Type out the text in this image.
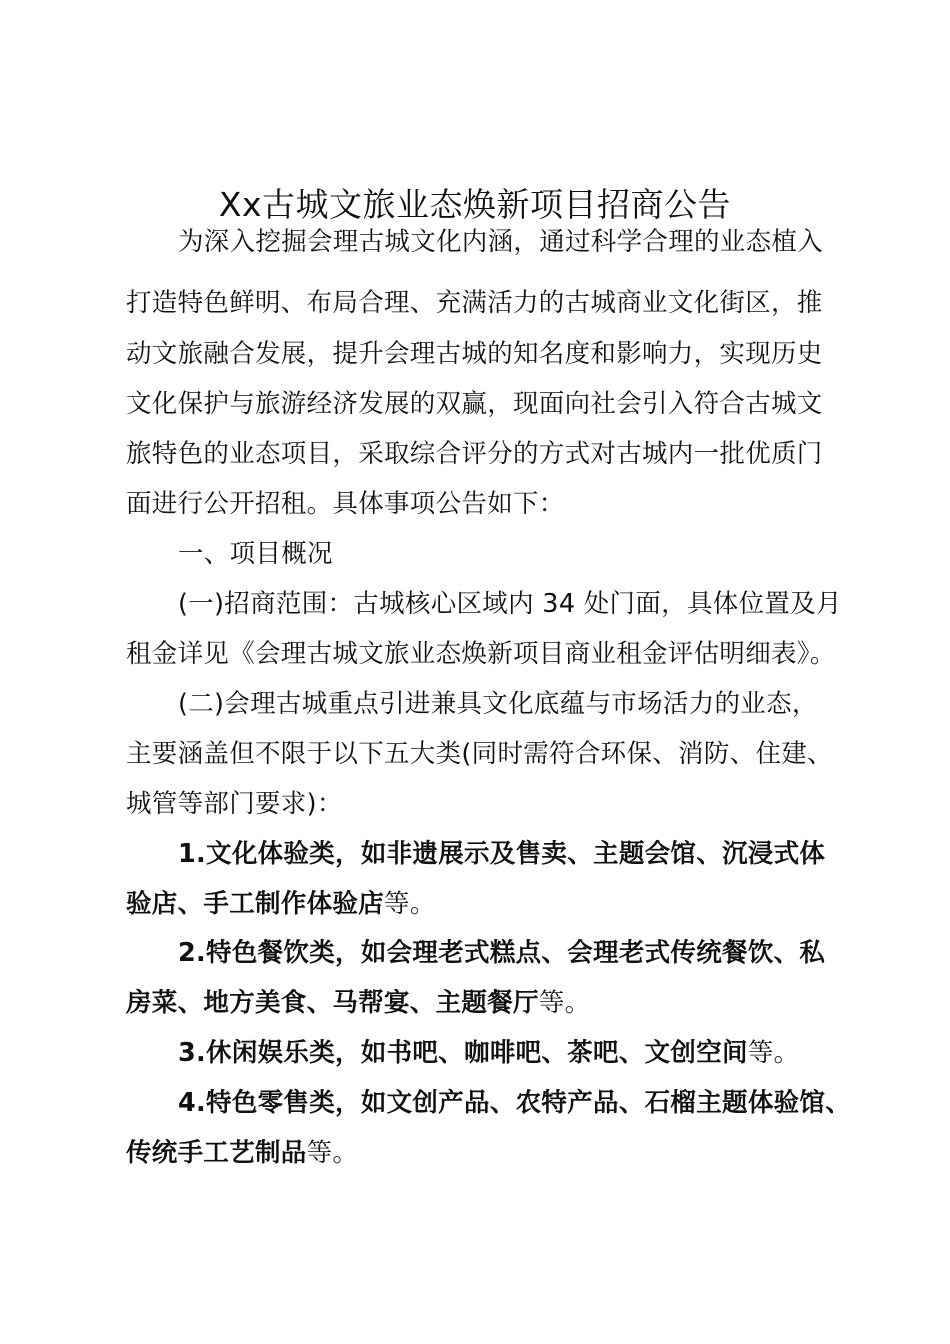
Xx古城文旅业态焕新项目招商公告
为深入挖掘会理古城文化内涵，通过科学合理的业态植入
打造特色鲜明、布局合理、充满活力的古城商业文化街区，推
动文旅融合发展，提升会理古城的知名度和影响力，实现历史
文化保护与旅游经济发展的双赢，现面向社会引入符合古城文
旅特色的业态项目，采取综合评分的方式对古城内一批优质门
面进行公开招租。具体事项公告如下：
一、项目概况
(一)招商范围：古城核心区域内 34 处门面，具体位置及月
租金详见《会理古城文旅业态焕新项目商业租金评估明细表》。
(二)会理古城重点引进兼具文化底蕴与市场活力的业态，
主要涵盖但不限于以下五大类(同时需符合环保、消防、住建、
城管等部门要求)：
1.文化体验类，如非遗展示及售卖、主题会馆、沉浸式体
验店、手工制作体验店等。
2.特色餐饮类，如会理老式糕点、会理老式传统餐饮、私
房菜、地方美食、马帮宴、主题餐厅等。
3.休闲娱乐类，如书吧、咖啡吧、茶吧、文创空间等。
4.特色零售类，如文创产品、农特产品、石榴主题体验馆、
传统手工艺制品等。
